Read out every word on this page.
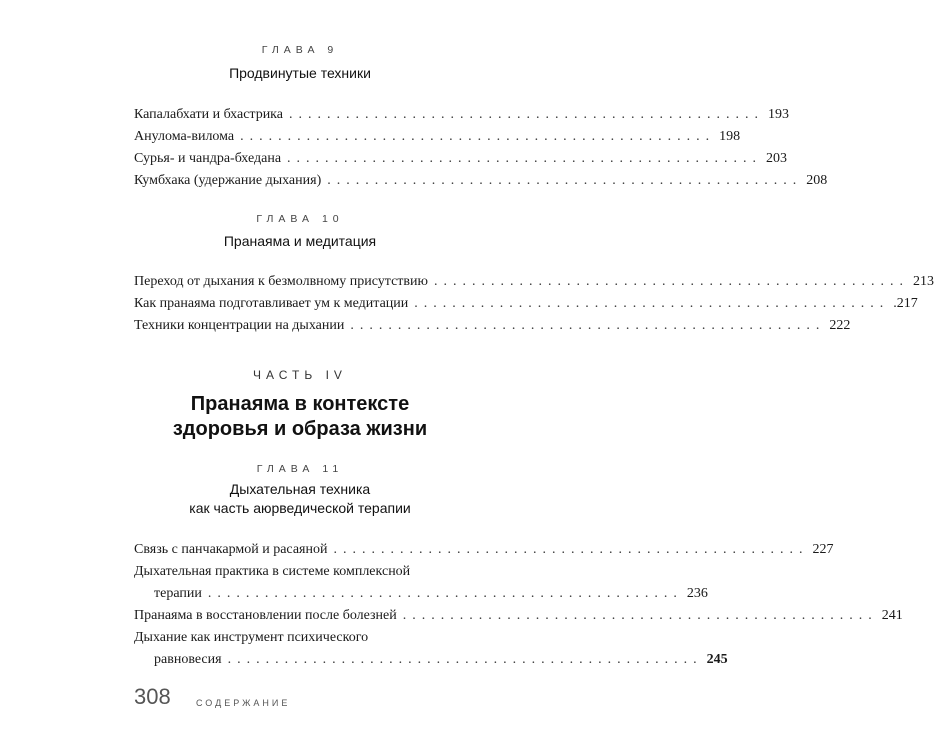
ГЛАВА 9
Продвинутые техники
Капалабхати и бхастрика .................................................. 193
Анулома-вилома .................................................. 198
Сурья- и чандра-бхедана .................................................. 203
Кумбхака (удержание дыхания) .................................................. 208
ГЛАВА 10
Пранаяма и медитация
Переход от дыхания к безмолвному присутствию .................................................. 213
Как пранаяма подготавливает ум к медитации .................................................. .217
Техники концентрации на дыхании .................................................. 222
ЧАСТЬ IV
Пранаяма в контексте
здоровья и образа жизни
ГЛАВА 11
Дыхательная техника
как часть аюрведической терапии
Связь с панчакармой и расаяной .................................................. 227
Дыхательная практика в системе комплексной
терапии .................................................. 236
Пранаяма в восстановлении после болезней .................................................. 241
Дыхание как инструмент психического
равновесия .................................................. 245
308	СОДЕРЖАНИЕ
